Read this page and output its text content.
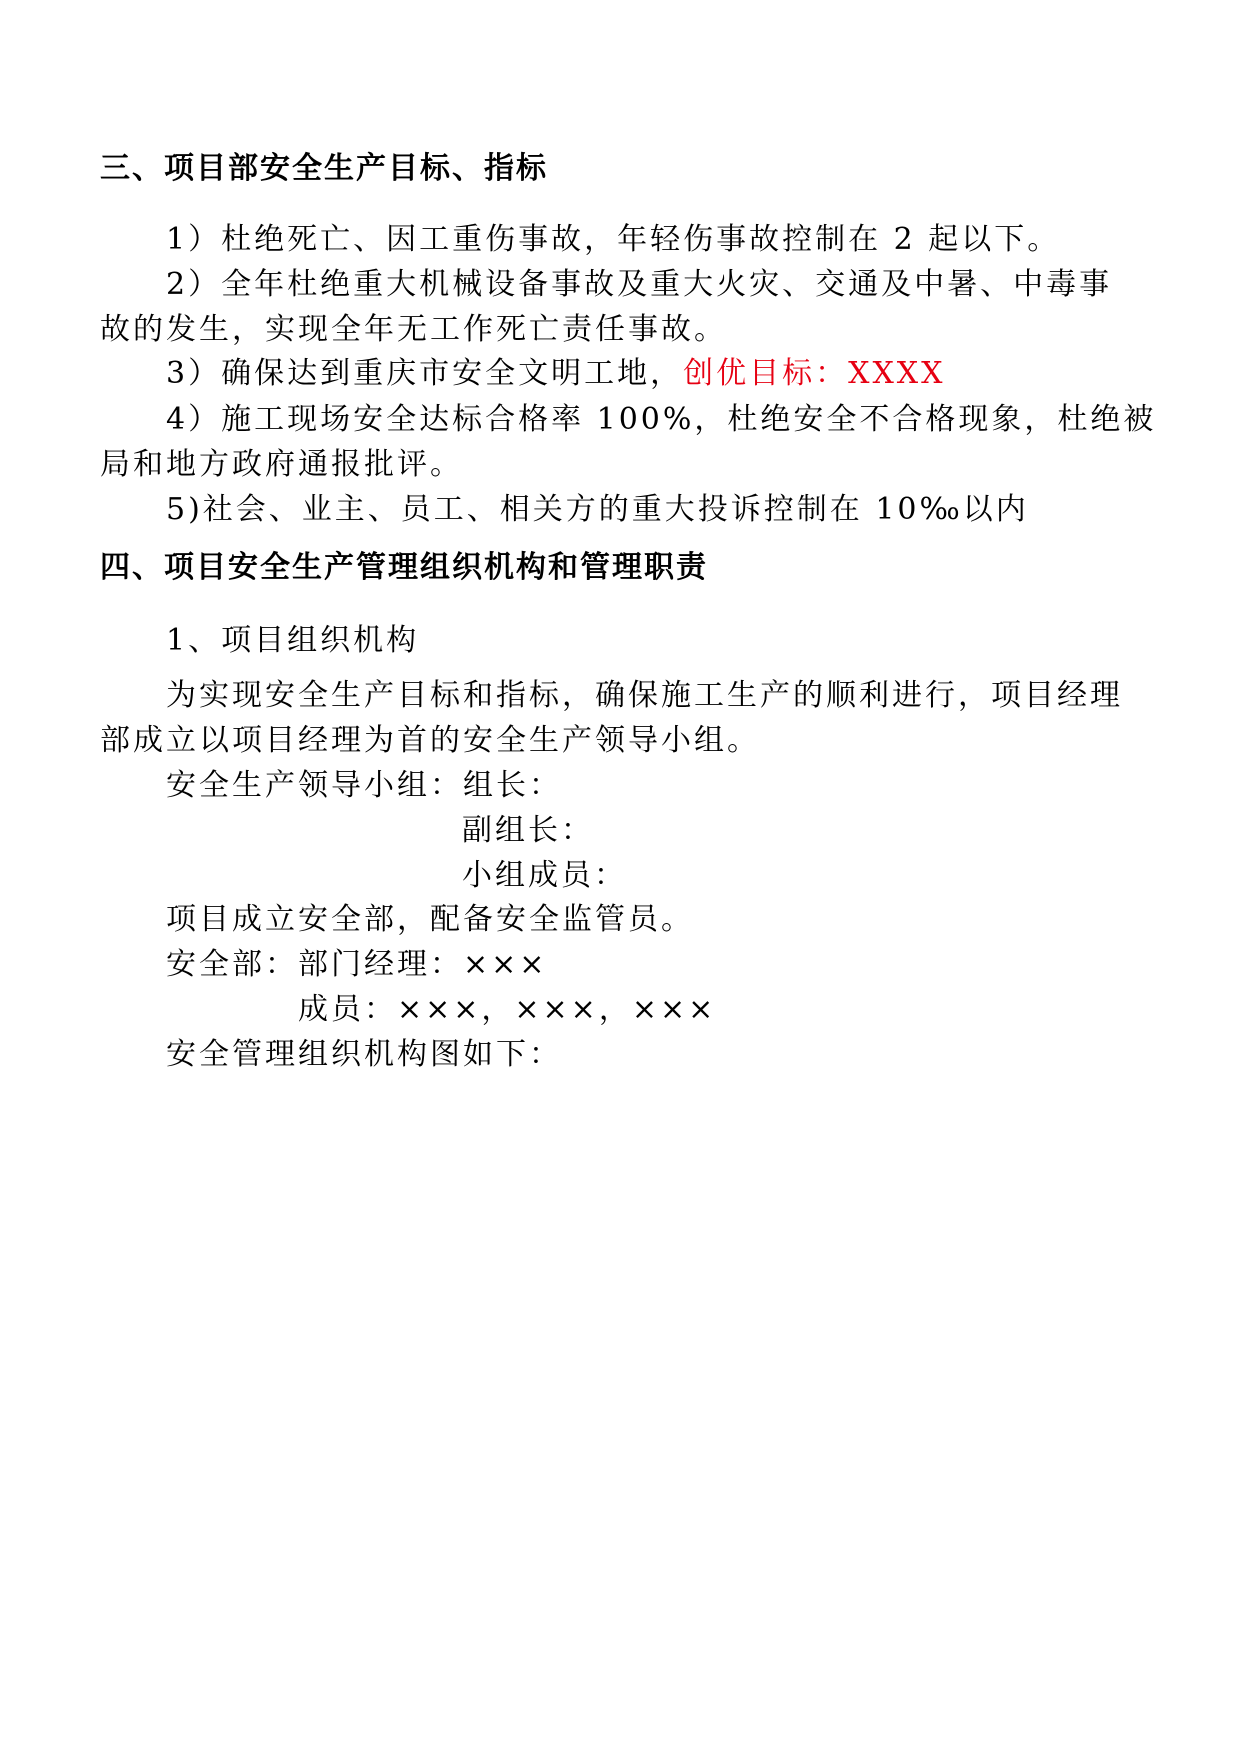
三、项目部安全生产目标、指标
1）杜绝死亡、因工重伤事故，年轻伤事故控制在 2 起以下。
2）全年杜绝重大机械设备事故及重大火灾、交通及中暑、中毒事
故的发生，实现全年无工作死亡责任事故。
3）确保达到重庆市安全文明工地，创优目标：XXXX
4）施工现场安全达标合格率 100%，杜绝安全不合格现象，杜绝被
局和地方政府通报批评。
5)社会、业主、员工、相关方的重大投诉控制在 10‰以内
四、项目安全生产管理组织机构和管理职责
1、项目组织机构
为实现安全生产目标和指标，确保施工生产的顺利进行，项目经理
部成立以项目经理为首的安全生产领导小组。
安全生产领导小组：组长：
副组长：
小组成员：
项目成立安全部，配备安全监管员。
安全部：部门经理：×××
成员：×××，×××，×××
安全管理组织机构图如下：
